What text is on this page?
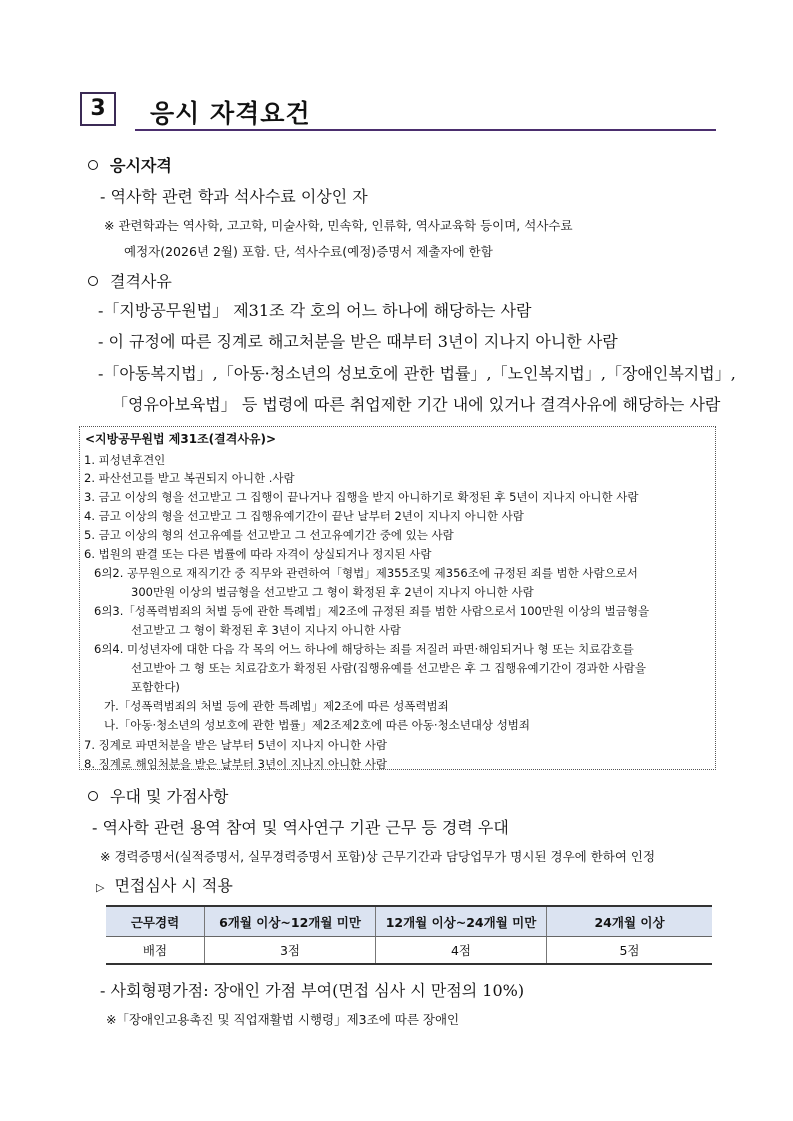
3	응시 자격요건
응시자격
- 역사학 관련 학과 석사수료 이상인 자
※ 관련학과는 역사학, 고고학, 미술사학, 민속학, 인류학, 역사교육학 등이며, 석사수료
예정자(2026년 2월) 포함. 단, 석사수료(예정)증명서 제출자에 한함
결격사유
-「지방공무원법」 제31조 각 호의 어느 하나에 해당하는 사람
- 이 규정에 따른 징계로 해고처분을 받은 때부터 3년이 지나지 아니한 사람
-「아동복지법」,「아동·청소년의 성보호에 관한 법률」,「노인복지법」,「장애인복지법」,
「영유아보육법」 등 법령에 따른 취업제한 기간 내에 있거나 결격사유에 해당하는 사람
<지방공무원법 제31조(결격사유)>
1. 피성년후견인
2. 파산선고를 받고 복권되지 아니한 .사람
3. 금고 이상의 형을 선고받고 그 집행이 끝나거나 집행을 받지 아니하기로 확정된 후 5년이 지나지 아니한 사람
4. 금고 이상의 형을 선고받고 그 집행유예기간이 끝난 날부터 2년이 지나지 아니한 사람
5. 금고 이상의 형의 선고유예를 선고받고 그 선고유예기간 중에 있는 사람
6. 법원의 판결 또는 다른 법률에 따라 자격이 상실되거나 정지된 사람
6의2. 공무원으로 재직기간 중 직무와 관련하여「형법」제355조및 제356조에 규정된 죄를 범한 사람으로서
300만원 이상의 벌금형을 선고받고 그 형이 확정된 후 2년이 지나지 아니한 사람
6의3.「성폭력범죄의 처벌 등에 관한 특례법」제2조에 규정된 죄를 범한 사람으로서 100만원 이상의 벌금형을
선고받고 그 형이 확정된 후 3년이 지나지 아니한 사람
6의4. 미성년자에 대한 다음 각 목의 어느 하나에 해당하는 죄를 저질러 파면·해임되거나 형 또는 치료감호를
선고받아 그 형 또는 치료감호가 확정된 사람(집행유예를 선고받은 후 그 집행유예기간이 경과한 사람을
포함한다)
가.「성폭력범죄의 처벌 등에 관한 특례법」제2조에 따른 성폭력범죄
나.「아동·청소년의 성보호에 관한 법률」제2조제2호에 따른 아동·청소년대상 성범죄
7. 징계로 파면처분을 받은 날부터 5년이 지나지 아니한 사람
8. 징계로 해임처분을 받은 날부터 3년이 지나지 아니한 사람
우대 및 가점사항
- 역사학 관련 용역 참여 및 역사연구 기관 근무 등 경력 우대
※ 경력증명서(실적증명서, 실무경력증명서 포함)상 근무기간과 담당업무가 명시된 경우에 한하여 인정
▷ 면접심사 시 적용
근무경력	6개월 이상~12개월 미만	12개월 이상~24개월 미만	24개월 이상
배점	3점	4점	5점
- 사회형평가점: 장애인 가점 부여(면접 심사 시 만점의 10%)
※「장애인고용촉진 및 직업재활법 시행령」제3조에 따른 장애인
